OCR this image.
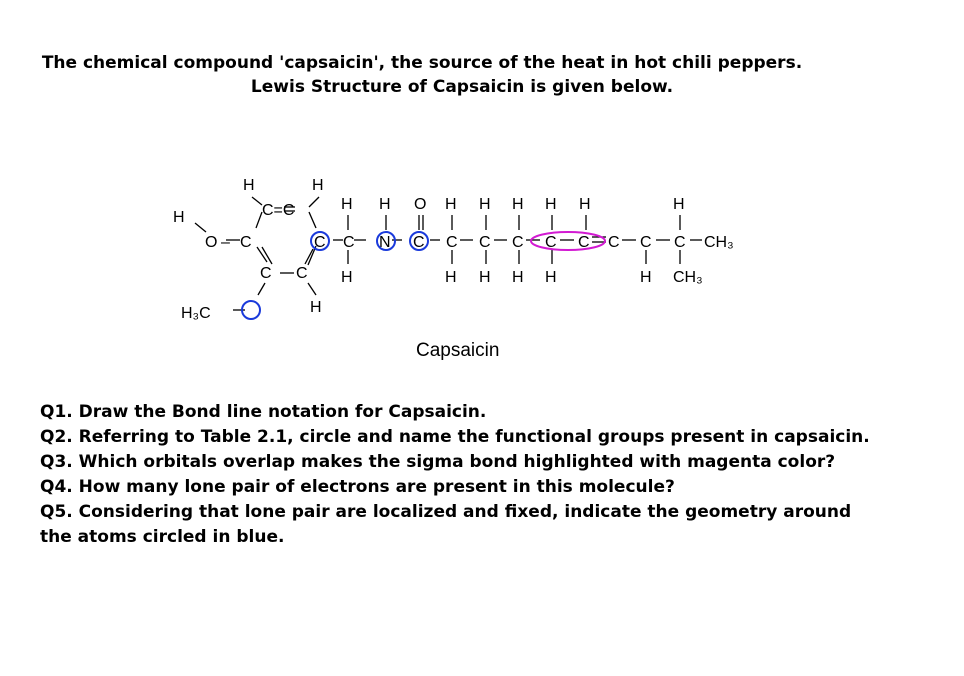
The chemical compound 'capsaicin', the source of the heat in hot chili peppers.
Lewis Structure of Capsaicin is given below.
H	H
C=C
H
O – C
C C
H₃C	H
H H O H H H H H	H
C C N C C C C C C C C C CH₃
H	H H H H	H CH₃
Capsaicin
Q1. Draw the Bond line notation for Capsaicin.
Q2. Referring to Table 2.1, circle and name the functional groups present in capsaicin.
Q3. Which orbitals overlap makes the sigma bond highlighted with magenta color?
Q4. How many lone pair of electrons are present in this molecule?
Q5. Considering that lone pair are localized and fixed, indicate the geometry around
the atoms circled in blue.
